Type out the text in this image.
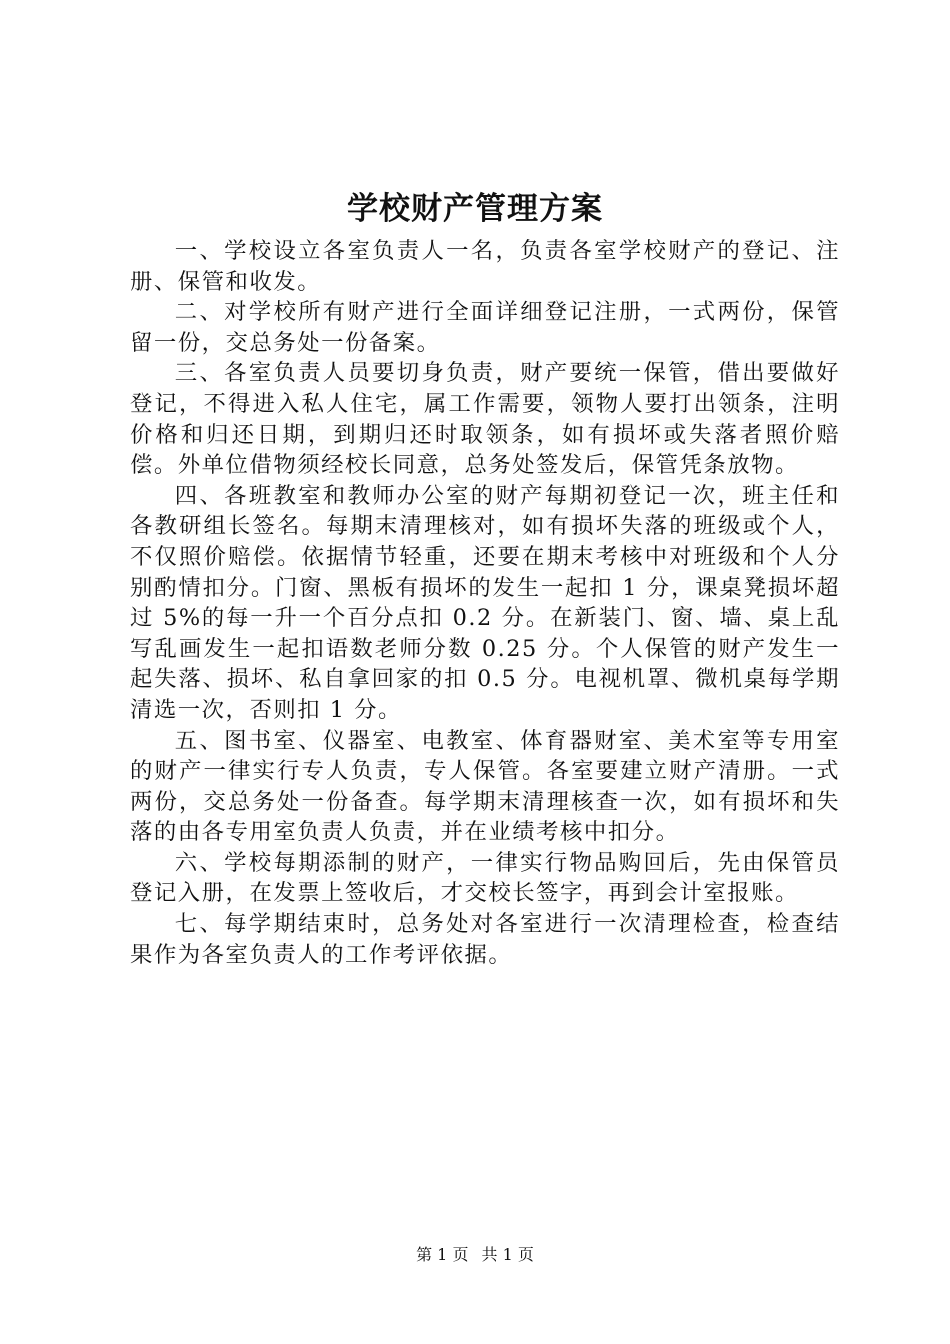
学校财产管理方案

一、学校设立各室负责人一名，负责各室学校财产的登记、注册、保管和收发。

二、对学校所有财产进行全面详细登记注册，一式两份，保管留一份，交总务处一份备案。

三、各室负责人员要切身负责，财产要统一保管，借出要做好登记，不得进入私人住宅，属工作需要，领物人要打出领条，注明价格和归还日期，到期归还时取领条，如有损坏或失落者照价赔偿。外单位借物须经校长同意，总务处签发后，保管凭条放物。

四、各班教室和教师办公室的财产每期初登记一次，班主任和各教研组长签名。每期末清理核对，如有损坏失落的班级或个人，不仅照价赔偿。依据情节轻重，还要在期末考核中对班级和个人分别酌情扣分。门窗、黑板有损坏的发生一起扣 1 分，课桌凳损坏超过 5%的每一升一个百分点扣 0.2 分。在新装门、窗、墙、桌上乱写乱画发生一起扣语数老师分数 0.25 分。个人保管的财产发生一起失落、损坏、私自拿回家的扣 0.5 分。电视机罩、微机桌每学期清选一次，否则扣 1 分。

五、图书室、仪器室、电教室、体育器财室、美术室等专用室的财产一律实行专人负责，专人保管。各室要建立财产清册。一式两份，交总务处一份备查。每学期末清理核查一次，如有损坏和失落的由各专用室负责人负责，并在业绩考核中扣分。

六、学校每期添制的财产，一律实行物品购回后，先由保管员登记入册，在发票上签收后，才交校长签字，再到会计室报账。

七、每学期结束时，总务处对各室进行一次清理检查，检查结果作为各室负责人的工作考评依据。

第 1 页 共 1 页
